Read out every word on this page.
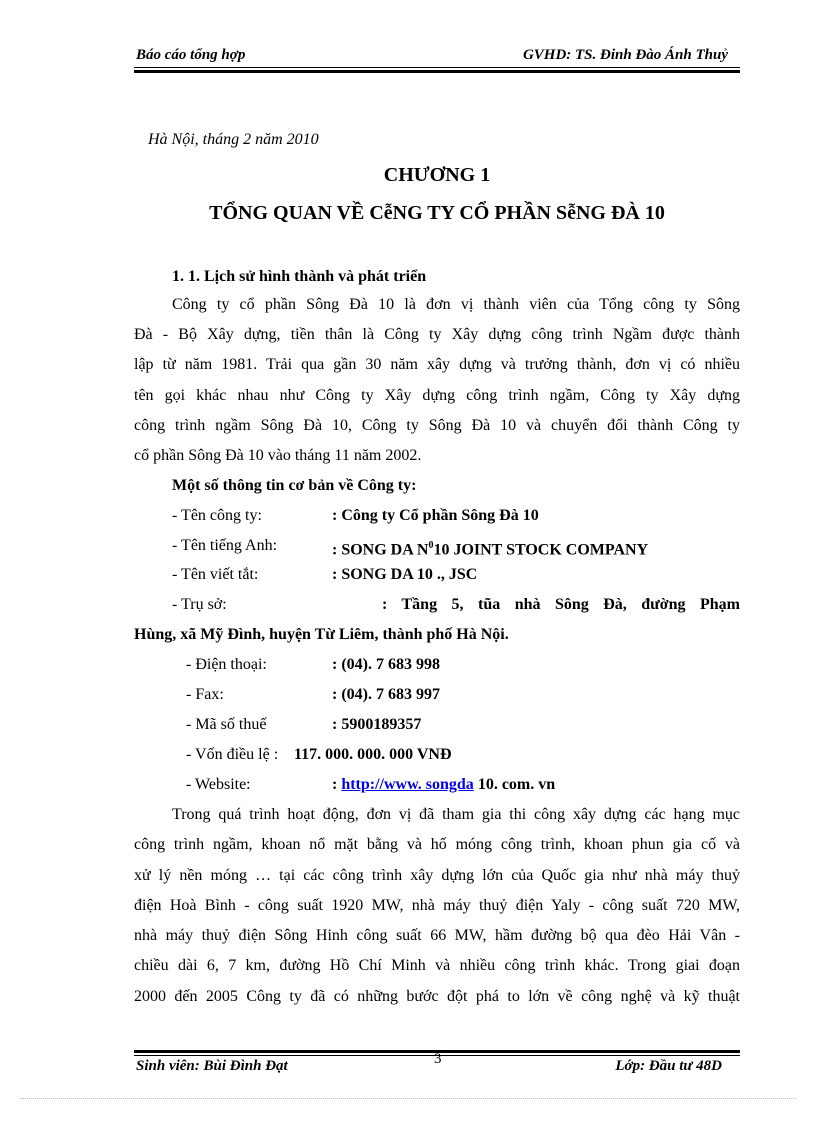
Báo cáo tổng hợp	GVHD: TS. Đinh Đào Ánh Thuỷ
Hà Nội, tháng 2 năm 2010
CHƯƠNG 1
TỔNG QUAN VỀ CễNG TY CỔ PHẦN SễNG ĐÀ 10
1. 1. Lịch sử hình thành và phát triển
Công ty cổ phần Sông Đà 10 là đơn vị thành viên của Tổng công ty Sông
Đà - Bộ Xây dựng, tiền thân là Công ty Xây dựng công trình Ngầm được thành
lập từ năm 1981. Trải qua gần 30 năm xây dựng và trưởng thành, đơn vị có nhiều
tên gọi khác nhau như Công ty Xây dựng công trình ngầm, Công ty Xây dựng
công trình ngầm Sông Đà 10, Công ty Sông Đà 10 và chuyển đổi thành Công ty
cổ phần Sông Đà 10 vào tháng 11 năm 2002.
Một số thông tin cơ bản về Công ty:
- Tên công ty:	: Công ty Cổ phần Sông Đà 10
- Tên tiếng Anh:	: SONG DA $N^010$ JOINT STOCK COMPANY
- Tên viết tắt:	: SONG DA 10 ., JSC
- Trụ sở:	: Tầng 5, tũa nhà Sông Đà, đường Phạm
Hùng, xã Mỹ Đình, huyện Từ Liêm, thành phố Hà Nội.
- Điện thoại:	: (04). 7 683 998
- Fax:	: (04). 7 683 997
- Mã số thuế	: 5900189357
- Vốn điều lệ : 117. 000. 000. 000 VNĐ
- Website:	: http://www. songda 10. com. vn
Trong quá trình hoạt động, đơn vị đã tham gia thi công xây dựng các hạng mục
công trình ngầm, khoan nổ mặt bằng và hố móng công trình, khoan phun gia cố và
xử lý nền móng … tại các công trình xây dựng lớn của Quốc gia như nhà máy thuỷ
điện Hoà Bình - công suất 1920 MW, nhà máy thuỷ điện Yaly - công suất 720 MW,
nhà máy thuỷ điện Sông Hinh công suất 66 MW, hầm đường bộ qua đèo Hải Vân -
chiều dài 6, 7 km, đường Hồ Chí Minh và nhiều công trình khác. Trong giai đoạn
2000 đến 2005 Công ty đã có những bước đột phá to lớn về công nghệ và kỹ thuật
Sinh viên: Bùi Đình Đạt	3	Lớp: Đầu tư 48D
